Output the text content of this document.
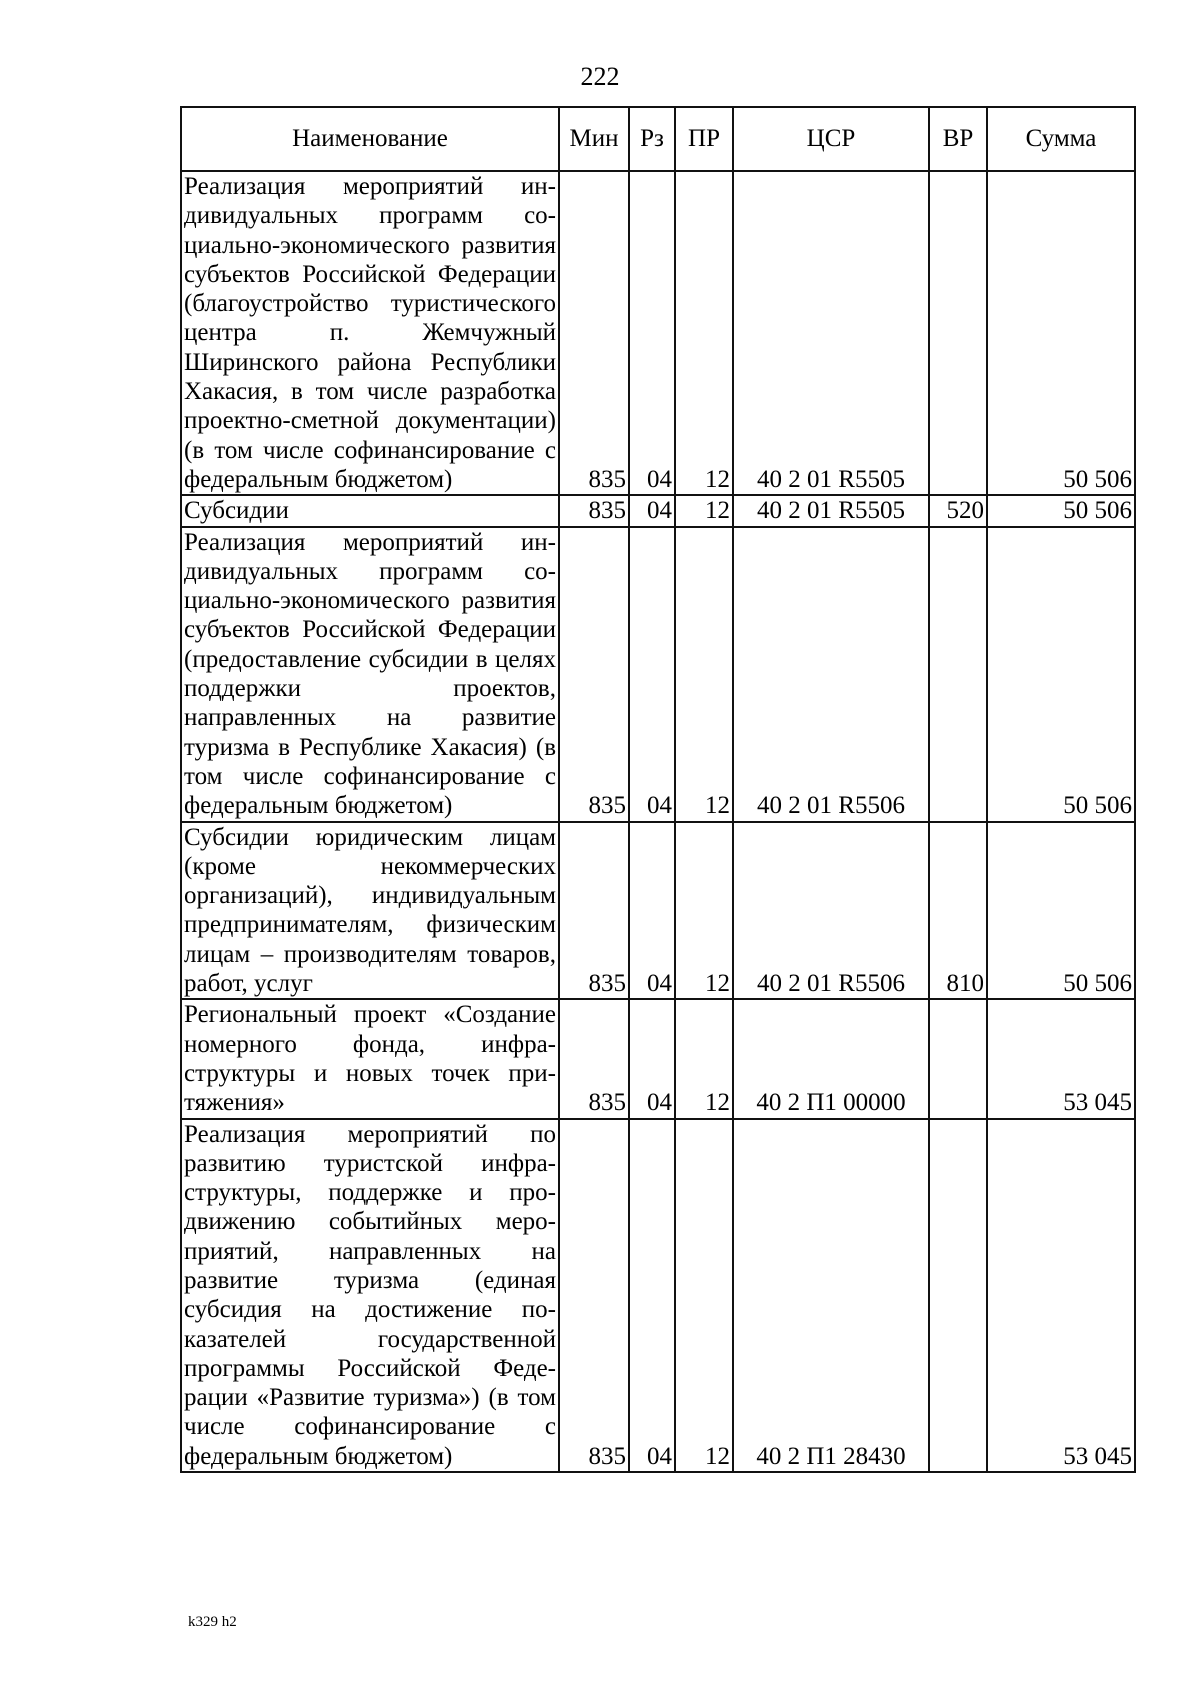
222
Наименование	Мин	Рз	ПР	ЦСР	ВР	Сумма
Реализация мероприятий индивидуальных программ социально-экономического развития субъектов Российской Федерации (благоустройство туристического центра п. Жемчужный Ширинского района Республики Хакасия, в том числе разработка проектно-сметной документации) (в том числе софинансирование с федеральным бюджетом)	835	04	12	40 2 01 R5505		50 506
Субсидии	835	04	12	40 2 01 R5505	520	50 506
Реализация мероприятий индивидуальных программ социально-экономического развития субъектов Российской Федерации (предоставление субсидии в целях поддержки проектов, направленных на развитие туризма в Республике Хакасия) (в том числе софинансирование с федеральным бюджетом)	835	04	12	40 2 01 R5506		50 506
Субсидии юридическим лицам (кроме некоммерческих организаций), индивидуальным предпринимателям, физическим лицам – производителям товаров, работ, услуг	835	04	12	40 2 01 R5506	810	50 506
Региональный проект «Создание номерного фонда, инфраструктуры и новых точек притяжения»	835	04	12	40 2 П1 00000		53 045
Реализация мероприятий по развитию туристской инфраструктуры, поддержке и продвижению событийных мероприятий, направленных на развитие туризма (единая субсидия на достижение показателей государственной программы Российской Федерации «Развитие туризма») (в том числе софинансирование с федеральным бюджетом)	835	04	12	40 2 П1 28430		53 045
k329 h2
